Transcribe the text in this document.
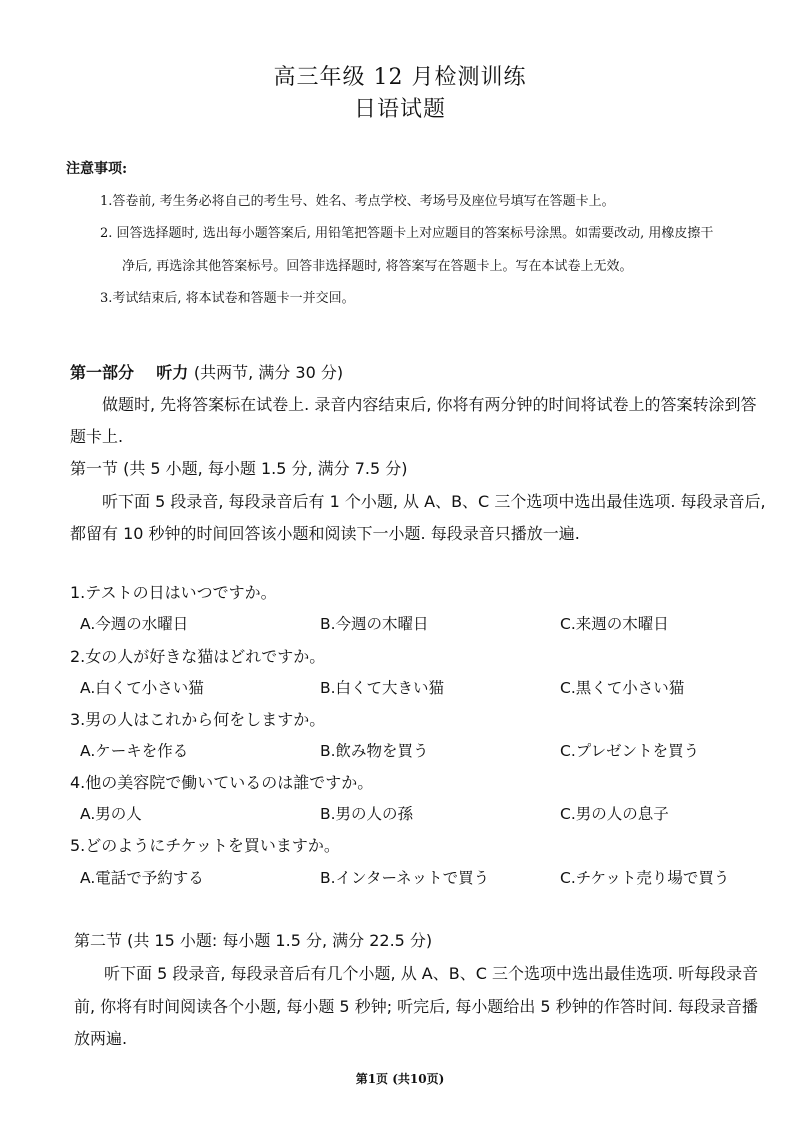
高三年级 12 月检测训练
日语试题

注意事项:

1.答卷前, 考生务必将自己的考生号、姓名、考点学校、考场号及座位号填写在答题卡上。

2. 回答选择题时, 选出每小题答案后, 用铅笔把答题卡上对应题目的答案标号涂黑。如需要改动, 用橡皮擦干

净后, 再选涂其他答案标号。回答非选择题时, 将答案写在答题卡上。写在本试卷上无效。

3.考试结束后, 将本试卷和答题卡一并交回。

第一部分 听力 (共两节, 满分 30 分)

做题时, 先将答案标在试卷上. 录音内容结束后, 你将有两分钟的时间将试卷上的答案转涂到答

题卡上.

第一节 (共 5 小题, 每小题 1.5 分, 满分 7.5 分)

听下面 5 段录音, 每段录音后有 1 个小题, 从 A、B、C 三个选项中选出最佳选项. 每段录音后,

都留有 10 秒钟的时间回答该小题和阅读下一小题. 每段录音只播放一遍.

1.テストの日はいつですか。

A.今週の水曜日	B.今週の木曜日	C.来週の木曜日

2.女の人が好きな猫はどれですか。

A.白くて小さい猫	B.白くて大きい猫	C.黒くて小さい猫

3.男の人はこれから何をしますか。

A.ケーキを作る	B.飲み物を買う	C.プレゼントを買う

4.他の美容院で働いているのは誰ですか。

A.男の人	B.男の人の孫	C.男の人の息子

5.どのようにチケットを買いますか。

A.電話で予約する	B.インターネットで買う	C.チケット売り場で買う

第二节 (共 15 小题: 每小题 1.5 分, 满分 22.5 分)

听下面 5 段录音, 每段录音后有几个小题, 从 A、B、C 三个选项中选出最佳选项. 听每段录音

前, 你将有时间阅读各个小题, 每小题 5 秒钟; 听完后, 每小题给出 5 秒钟的作答时间. 每段录音播

放两遍.

第1页 (共10页)
